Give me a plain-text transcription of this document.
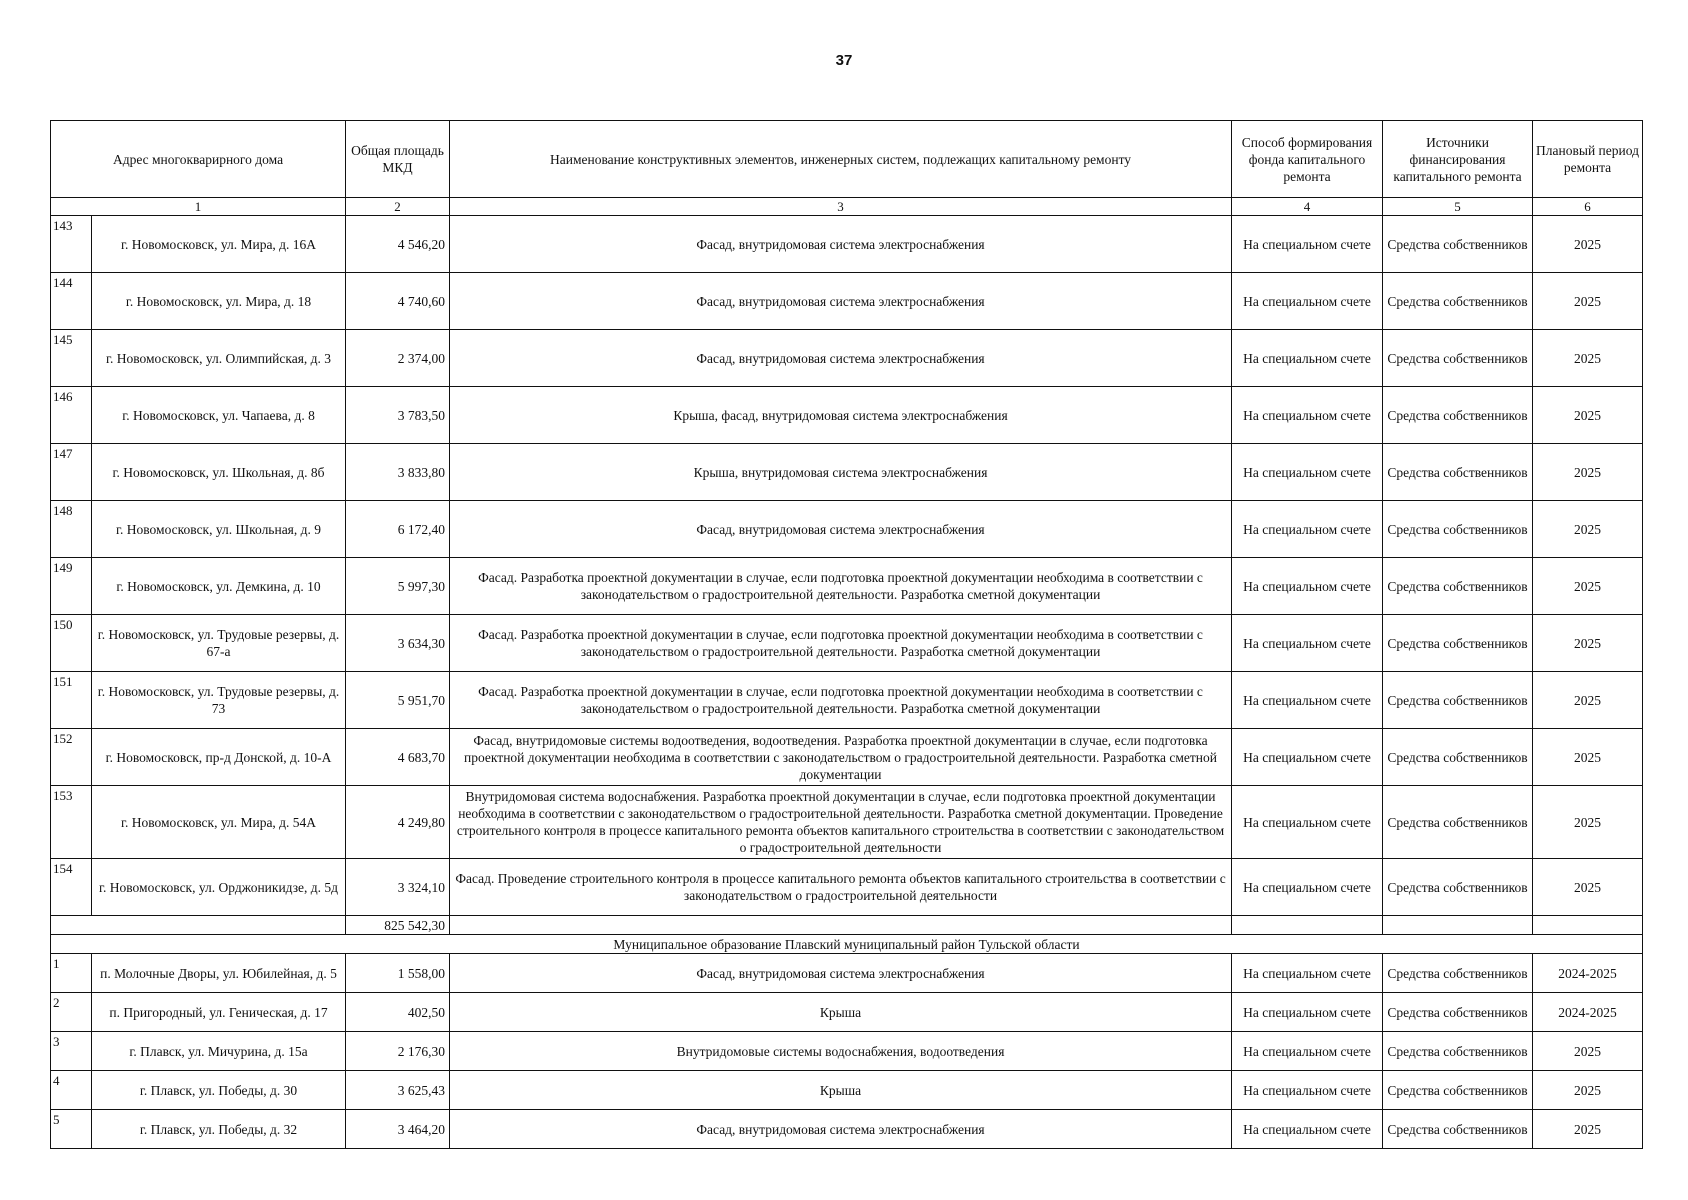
37
Адрес многокварирного дома		Общая площадь МКД	Наименование конструктивных элементов, инженерных систем, подлежащих капитальному ремонту	Способ формирования фонда капитального ремонта	Источники финансирования капитального ремонта	Плановый период ремонта
1		2	3	4	5	6
143	г. Новомосковск, ул. Мира, д. 16А	4 546,20	Фасад, внутридомовая система электроснабжения	На специальном счете	Средства собственников	2025
144	г. Новомосковск, ул. Мира, д. 18	4 740,60	Фасад, внутридомовая система электроснабжения	На специальном счете	Средства собственников	2025
145	г. Новомосковск, ул. Олимпийская, д. 3	2 374,00	Фасад, внутридомовая система электроснабжения	На специальном счете	Средства собственников	2025
146	г. Новомосковск, ул. Чапаева, д. 8	3 783,50	Крыша, фасад, внутридомовая система электроснабжения	На специальном счете	Средства собственников	2025
147	г. Новомосковск, ул. Школьная, д. 8б	3 833,80	Крыша, внутридомовая система электроснабжения	На специальном счете	Средства собственников	2025
148	г. Новомосковск, ул. Школьная, д. 9	6 172,40	Фасад, внутридомовая система электроснабжения	На специальном счете	Средства собственников	2025
149	г. Новомосковск, ул. Демкина, д. 10	5 997,30	Фасад. Разработка проектной документации в случае, если подготовка проектной документации необходима в соответствии с законодательством о градостроительной деятельности. Разработка сметной документации	На специальном счете	Средства собственников	2025
150	г. Новомосковск, ул. Трудовые резервы, д. 67-а	3 634,30	Фасад. Разработка проектной документации в случае, если подготовка проектной документации необходима в соответствии с законодательством о градостроительной деятельности. Разработка сметной документации	На специальном счете	Средства собственников	2025
151	г. Новомосковск, ул. Трудовые резервы, д. 73	5 951,70	Фасад. Разработка проектной документации в случае, если подготовка проектной документации необходима в соответствии с законодательством о градостроительной деятельности. Разработка сметной документации	На специальном счете	Средства собственников	2025
152	г. Новомосковск, пр-д Донской, д. 10-А	4 683,70	Фасад, внутридомовые системы водоотведения, водоотведения. Разработка проектной документации в случае, если подготовка проектной документации необходима в соответствии с законодательством о градостроительной деятельности. Разработка сметной документации	На специальном счете	Средства собственников	2025
153	г. Новомосковск, ул. Мира, д. 54А	4 249,80	Внутридомовая система водоснабжения. Разработка проектной документации в случае, если подготовка проектной документации необходима в соответствии с законодательством о градостроительной деятельности. Разработка сметной документации. Проведение строительного контроля в процессе капитального ремонта объектов капитального строительства в соответствии с законодательством о градостроительной деятельности	На специальном счете	Средства собственников	2025
154	г. Новомосковск, ул. Орджоникидзе, д. 5д	3 324,10	Фасад. Проведение строительного контроля в процессе капитального ремонта объектов капитального строительства в соответствии с законодательством о градостроительной деятельности	На специальном счете	Средства собственников	2025
		825 542,30				
Муниципальное образование Плавский муниципальный район Тульской области						
1	п. Молочные Дворы, ул. Юбилейная, д. 5	1 558,00	Фасад, внутридомовая система электроснабжения	На специальном счете	Средства собственников	2024-2025
2	п. Пригородный, ул. Геническая, д. 17	402,50	Крыша	На специальном счете	Средства собственников	2024-2025
3	г. Плавск, ул. Мичурина, д. 15а	2 176,30	Внутридомовые системы водоснабжения, водоотведения	На специальном счете	Средства собственников	2025
4	г. Плавск, ул. Победы, д. 30	3 625,43	Крыша	На специальном счете	Средства собственников	2025
5	г. Плавск, ул. Победы, д. 32	3 464,20	Фасад, внутридомовая система электроснабжения	На специальном счете	Средства собственников	2025
